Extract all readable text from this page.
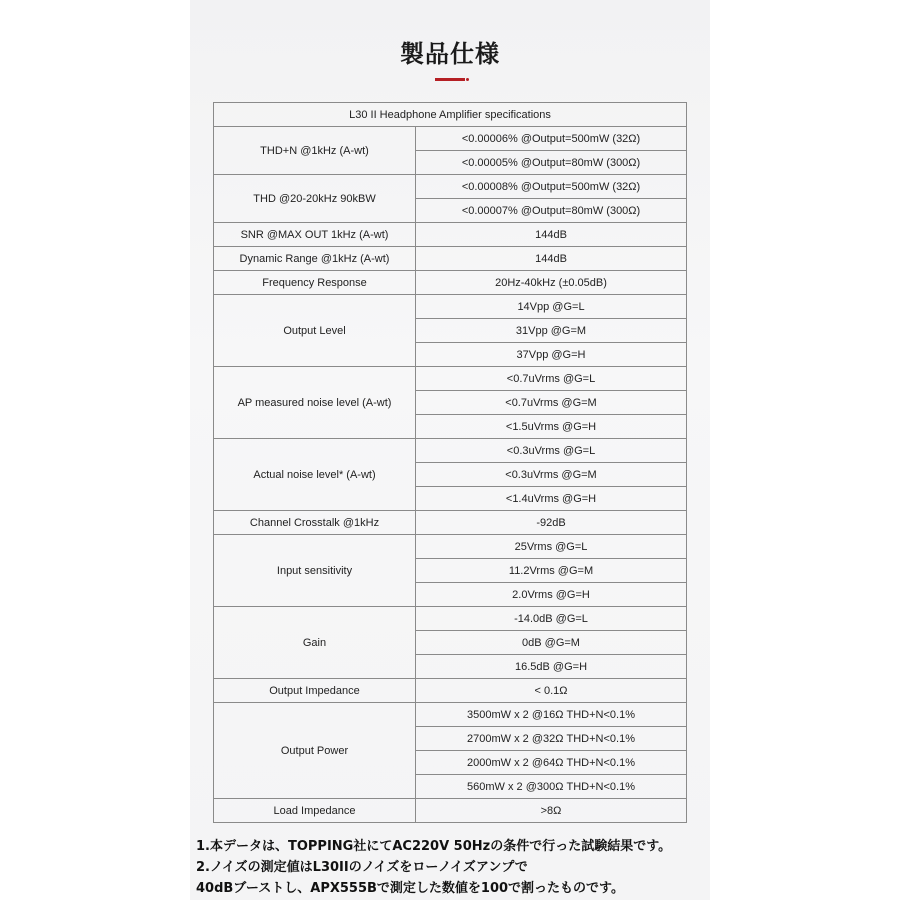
製品仕様
L30 II Headphone Amplifier specifications	
THD+N @1kHz (A-wt)	<0.00006% @Output=500mW (32Ω)
	<0.00005% @Output=80mW (300Ω)
THD @20-20kHz 90kBW	<0.00008% @Output=500mW (32Ω)
	<0.00007% @Output=80mW (300Ω)
SNR @MAX OUT 1kHz (A-wt)	144dB
Dynamic Range @1kHz (A-wt)	144dB
Frequency Response	20Hz-40kHz (±0.05dB)
Output Level	14Vpp @G=L
	31Vpp @G=M
	37Vpp @G=H
AP measured noise level (A-wt)	<0.7uVrms @G=L
	<0.7uVrms @G=M
	<1.5uVrms @G=H
Actual noise level* (A-wt)	<0.3uVrms @G=L
	<0.3uVrms @G=M
	<1.4uVrms @G=H
Channel Crosstalk @1kHz	-92dB
Input sensitivity	25Vrms @G=L
	11.2Vrms @G=M
	2.0Vrms @G=H
Gain	-14.0dB @G=L
	0dB @G=M
	16.5dB @G=H
Output Impedance	< 0.1Ω
Output Power	3500mW x 2 @16Ω THD+N<0.1%
	2700mW x 2 @32Ω THD+N<0.1%
	2000mW x 2 @64Ω THD+N<0.1%
	560mW x 2 @300Ω THD+N<0.1%
Load Impedance	>8Ω
1.本データは、TOPPING社にてAC220V 50Hzの条件で行った試験結果です。
2.ノイズの測定値はL30IIのノイズをローノイズアンプで
40dBブーストし、APX555Bで測定した数値を100で割ったものです。
